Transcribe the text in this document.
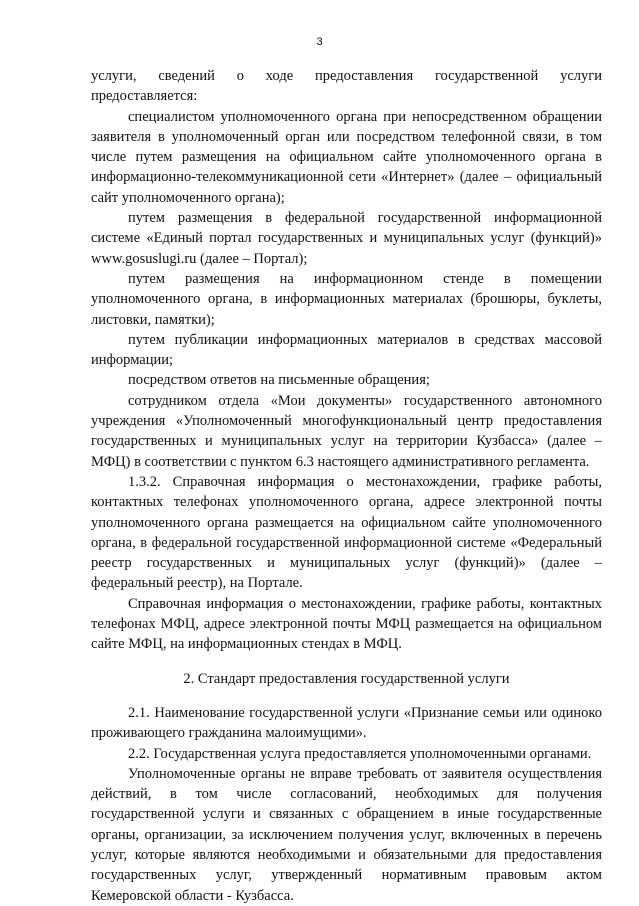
3

услуги, сведений о ходе предоставления государственной услуги предоставляется:

специалистом уполномоченного органа при непосредственном обращении заявителя в уполномоченный орган или посредством телефонной связи, в том числе путем размещения на официальном сайте уполномоченного органа в информационно-телекоммуникационной сети «Интернет» (далее – официальный сайт уполномоченного органа);

путем размещения в федеральной государственной информационной системе «Единый портал государственных и муниципальных услуг (функций)» www.gosuslugi.ru (далее – Портал);

путем размещения на информационном стенде в помещении уполномоченного органа, в информационных материалах (брошюры, буклеты, листовки, памятки);

путем публикации информационных материалов в средствах массовой информации;

посредством ответов на письменные обращения;

сотрудником отдела «Мои документы» государственного автономного учреждения «Уполномоченный многофункциональный центр предоставления государственных и муниципальных услуг на территории Кузбасса» (далее – МФЦ) в соответствии с пунктом 6.3 настоящего административного регламента.

1.3.2. Справочная информация о местонахождении, графике работы, контактных телефонах уполномоченного органа, адресе электронной почты уполномоченного органа размещается на официальном сайте уполномоченного органа, в федеральной государственной информационной системе «Федеральный реестр государственных и муниципальных услуг (функций)» (далее – федеральный реестр), на Портале.

Справочная информация о местонахождении, графике работы, контактных телефонах МФЦ, адресе электронной почты МФЦ размещается на официальном сайте МФЦ, на информационных стендах в МФЦ.

2. Стандарт предоставления государственной услуги

2.1. Наименование государственной услуги «Признание семьи или одиноко проживающего гражданина малоимущими».

2.2. Государственная услуга предоставляется уполномоченными органами.

Уполномоченные органы не вправе требовать от заявителя осуществления действий, в том числе согласований, необходимых для получения государственной услуги и связанных с обращением в иные государственные органы, организации, за исключением получения услуг, включенных в перечень услуг, которые являются необходимыми и обязательными для предоставления государственных услуг, утвержденный нормативным правовым актом Кемеровской области - Кузбасса.
